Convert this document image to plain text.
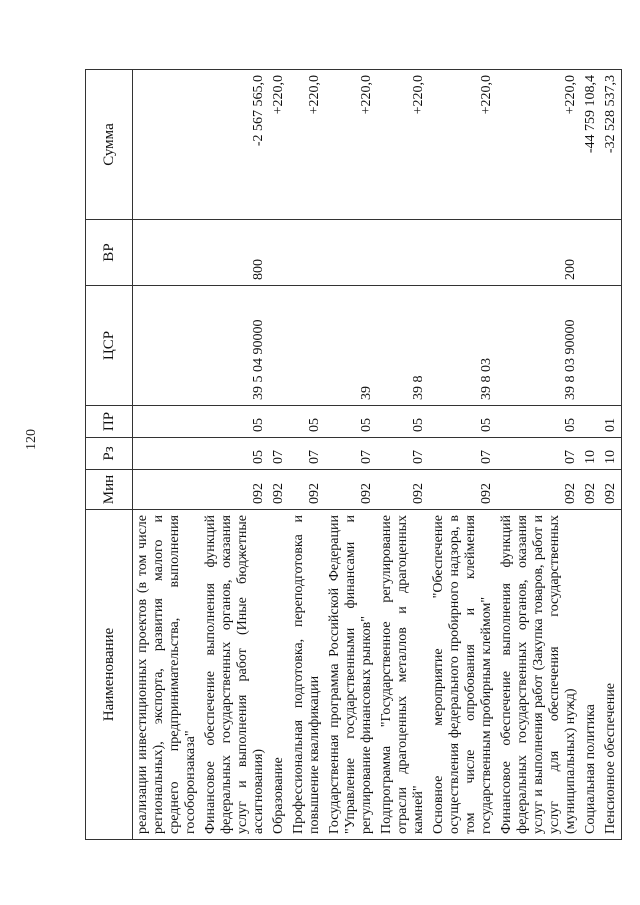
120
Наименование	Мин	Рз	ПР	ЦСР	ВР	Сумма
реализации инвестиционных проектов (в том числе региональных), экспорта, развития малого и среднего предпринимательства, выполнения гособоронзаказа"						
Финансовое обеспечение выполнения функций федеральных государственных органов, оказания услуг и выполнения работ (Иные бюджетные ассигнования)	092	05	05	39 5 04 90000	800	-2 567 565,0
Образование	092	07				+220,0
Профессиональная подготовка, переподготовка и повышение квалификации	092	07	05			+220,0
Государственная программа Российской Федерации "Управление государственными финансами и регулирование финансовых рынков"	092	07	05	39		+220,0
Подпрограмма "Государственное регулирование отрасли драгоценных металлов и драгоценных камней"	092	07	05	39 8		+220,0
Основное мероприятие "Обеспечение осуществления федерального пробирного надзора, в том числе опробования и клеймения государственным пробирным клеймом"	092	07	05	39 8 03		+220,0
Финансовое обеспечение выполнения функций федеральных государственных органов, оказания услуг и выполнения работ (Закупка товаров, работ и услуг для обеспечения государственных (муниципальных) нужд)	092	07	05	39 8 03 90000	200	+220,0
Социальная политика	092	10				-44 759 108,4
Пенсионное обеспечение	092	10	01			-32 528 537,3
